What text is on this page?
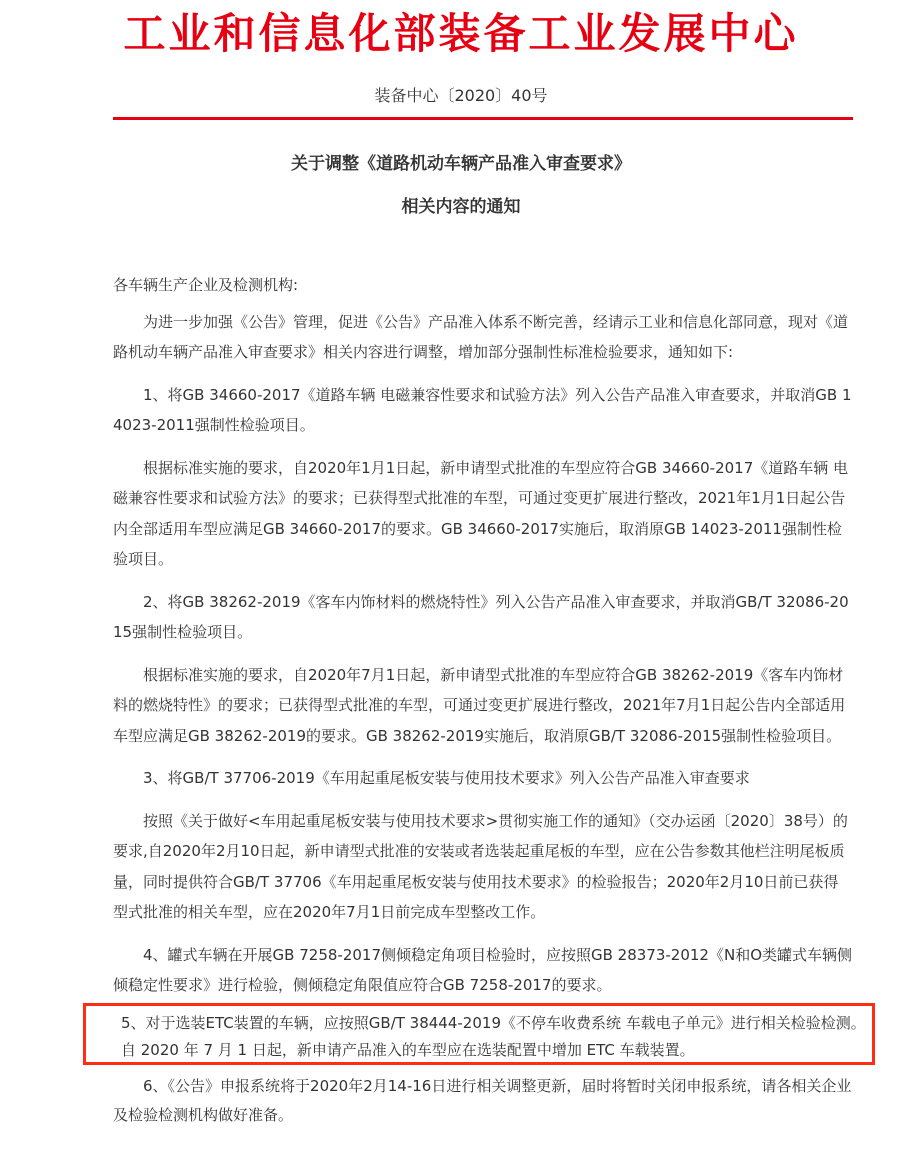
工业和信息化部装备工业发展中心

装备中心〔2020〕40号

关于调整《道路机动车辆产品准入审查要求》
相关内容的通知

各车辆生产企业及检测机构:

为进一步加强《公告》管理，促进《公告》产品准入体系不断完善，经请示工业和信息化部同意，现对《道路机动车辆产品准入审查要求》相关内容进行调整，增加部分强制性标准检验要求，通知如下:

1、将GB 34660-2017《道路车辆 电磁兼容性要求和试验方法》列入公告产品准入审查要求，并取消GB 14023-2011强制性检验项目。

根据标准实施的要求，自2020年1月1日起，新申请型式批准的车型应符合GB 34660-2017《道路车辆 电磁兼容性要求和试验方法》的要求；已获得型式批准的车型，可通过变更扩展进行整改，2021年1月1日起公告内全部适用车型应满足GB 34660-2017的要求。GB 34660-2017实施后，取消原GB 14023-2011强制性检验项目。

2、将GB 38262-2019《客车内饰材料的燃烧特性》列入公告产品准入审查要求，并取消GB/T 32086-2015强制性检验项目。

根据标准实施的要求，自2020年7月1日起，新申请型式批准的车型应符合GB 38262-2019《客车内饰材料的燃烧特性》的要求；已获得型式批准的车型，可通过变更扩展进行整改，2021年7月1日起公告内全部适用车型应满足GB 38262-2019的要求。GB 38262-2019实施后，取消原GB/T 32086-2015强制性检验项目。

3、将GB/T 37706-2019《车用起重尾板安装与使用技术要求》列入公告产品准入审查要求

按照《关于做好<车用起重尾板安装与使用技术要求>贯彻实施工作的通知》（交办运函〔2020〕38号）的要求,自2020年2月10日起，新申请型式批准的安装或者选装起重尾板的车型，应在公告参数其他栏注明尾板质量，同时提供符合GB/T 37706《车用起重尾板安装与使用技术要求》的检验报告；2020年2月10日前已获得型式批准的相关车型，应在2020年7月1日前完成车型整改工作。

4、罐式车辆在开展GB 7258-2017侧倾稳定角项目检验时，应按照GB 28373-2012《N和O类罐式车辆侧倾稳定性要求》进行检验，侧倾稳定角限值应符合GB 7258-2017的要求。

5、对于选装ETC装置的车辆，应按照GB/T 38444-2019《不停车收费系统 车载电子单元》进行相关检验检测。自 2020 年 7 月 1 日起，新申请产品准入的车型应在选装配置中增加 ETC 车载装置。

6、《公告》申报系统将于2020年2月14-16日进行相关调整更新，届时将暂时关闭申报系统，请各相关企业及检验检测机构做好准备。
